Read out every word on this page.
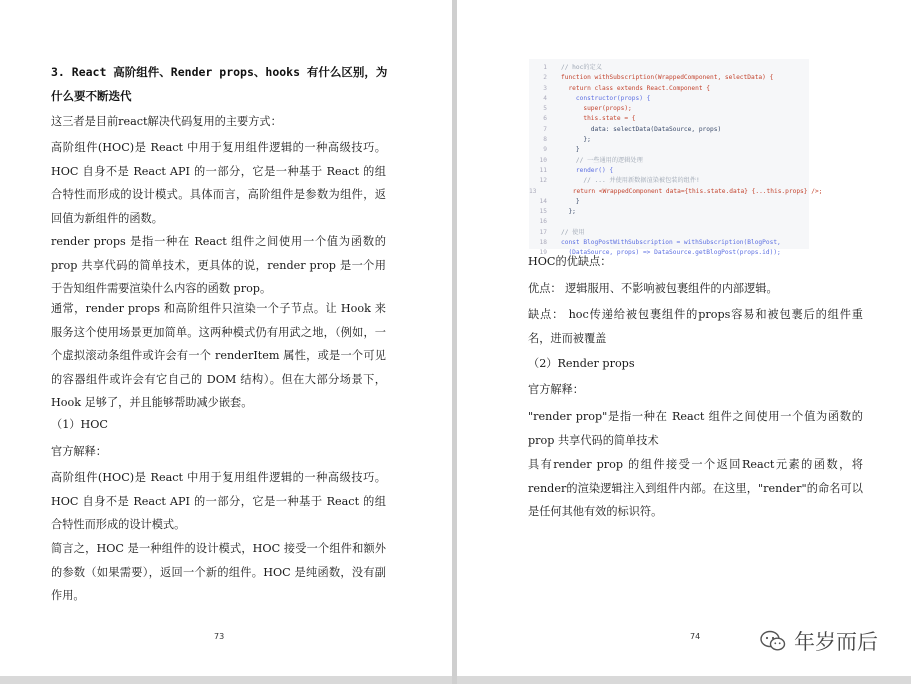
3. React 高阶组件、Render props、hooks 有什么区别，为什么要不断迭代
这三者是目前react解决代码复用的主要方式：
高阶组件(HOC)是 React 中用于复用组件逻辑的一种高级技巧。HOC 自身不是 React API 的一部分，它是一种基于 React 的组合特性而形成的设计模式。具体而言，高阶组件是参数为组件，返回值为新组件的函数。
render props 是指一种在 React 组件之间使用一个值为函数的 prop 共享代码的简单技术，更具体的说，render prop 是一个用于告知组件需要渲染什么内容的函数 prop。
通常，render props 和高阶组件只渲染一个子节点。让 Hook 来服务这个使用场景更加简单。这两种模式仍有用武之地，（例如，一个虚拟滚动条组件或许会有一个 renderItem 属性，或是一个可见的容器组件或许会有它自己的 DOM 结构）。但在大部分场景下，Hook 足够了，并且能够帮助减少嵌套。
（1）HOC
官方解释：
高阶组件(HOC)是 React 中用于复用组件逻辑的一种高级技巧。HOC 自身不是 React API 的一部分，它是一种基于 React 的组合特性而形成的设计模式。
简言之，HOC 是一种组件的设计模式，HOC 接受一个组件和额外的参数（如果需要），返回一个新的组件。HOC 是纯函数，没有副作用。
73
HOC的优缺点：
优点： 逻辑服用、不影响被包裹组件的内部逻辑。
缺点： hoc传递给被包裹组件的props容易和被包裹后的组件重名，进而被覆盖
（2）Render props
官方解释：
"render prop"是指一种在 React 组件之间使用一个值为函数的 prop 共享代码的简单技术
具有render prop 的组件接受一个返回React元素的函数，将render的渲染逻辑注入到组件内部。在这里，"render"的命名可以是任何其他有效的标识符。
74
1 // hoc的定义
2 function withSubscription(WrappedComponent, selectData) {
3 return class extends React.Component {
4 constructor(props) {
5 super(props);
6 this.state = {
7 data: selectData(DataSource, props)
8 };
9 }
10 // 一些通用的逻辑处理
11 render() {
12 // ... 并使用新数据渲染被包装的组件!
13 return <WrappedComponent data={this.state.data} {...this.props} />;
14 }
15 };
16
17 // 使用
18 const BlogPostWithSubscription = withSubscription(BlogPost,
19 (DataSource, props) => DataSource.getBlogPost(props.id));
年岁而后
